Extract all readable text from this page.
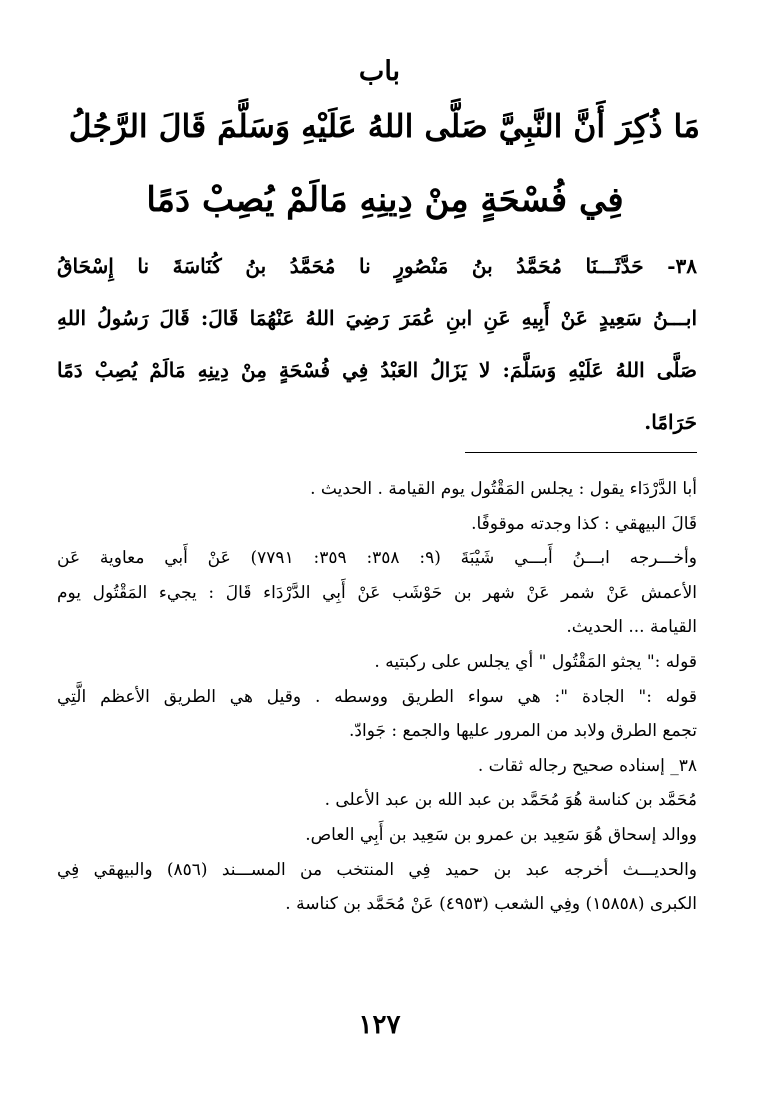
باب
مَا ذُكِرَ أَنَّ النَّبِيَّ صَلَّى اللهُ عَلَيْهِ وَسَلَّمَ قَالَ الرَّجُلُ
فِي فُسْحَةٍ مِنْ دِينِهِ مَالَمْ يُصِبْ دَمًا

٣٨- حَدَّثَـــنَا مُحَمَّدُ بنُ مَنْصُورٍ نا مُحَمَّدُ بنُ كُنَاسَةَ نا إِسْحَاقُ

ابـــنُ سَعِيدٍ عَنْ أَبِيهِ عَنِ ابنِ عُمَرَ رَضِيَ اللهُ عَنْهُمَا قَالَ: قَالَ رَسُولُ اللهِ

صَلَّى اللهُ عَلَيْهِ وَسَلَّمَ: لا يَزَالُ العَبْدُ فِي فُسْحَةٍ مِنْ دِينِهِ مَالَمْ يُصِبْ دَمًا

حَرَامًا.

أبا الدَّرْدَاء يقول : يجلس المَقْتُول يوم القيامة . الحديث .

قَالَ البيهقي : كذا وجدته موقوفًا.

وأخـــرجه ابـــنُ أَبـــي شَيْبَةَ (٩: ٣٥٨: ٣٥٩: ٧٧٩١) عَنْ أَبي معاوية عَن

الأعمش عَنْ شمر عَنْ شهر بن حَوْشَب عَنْ أَبِي الدَّرْدَاء قَالَ : يجيء المَقْتُول يوم

القيامة ... الحديث.

قوله :" يجثو المَقْتُول " أي يجلس على ركبتيه .

قوله :" الجادة ": هي سواء الطريق ووسطه . وقيل هي الطريق الأعظم الَّتِي

تجمع الطرق ولابد من المرور عليها والجمع : جَوادّ.

٣٨_ إسناده صحيح رجاله ثقات .

مُحَمَّد بن كناسة هُوَ مُحَمَّد بن عبد الله بن عبد الأعلى .

ووالد إسحاق هُوَ سَعِيد بن عمرو بن سَعِيد بن أَبِي العاص.

والحديـــث أخرجه عبد بن حميد فِي المنتخب من المســـند (٨٥٦) والبيهقي فِي

الكبرى (١٥٨٥٨) وفِي الشعب (٤٩٥٣) عَنْ مُحَمَّد بن كناسة .

١٢٧
